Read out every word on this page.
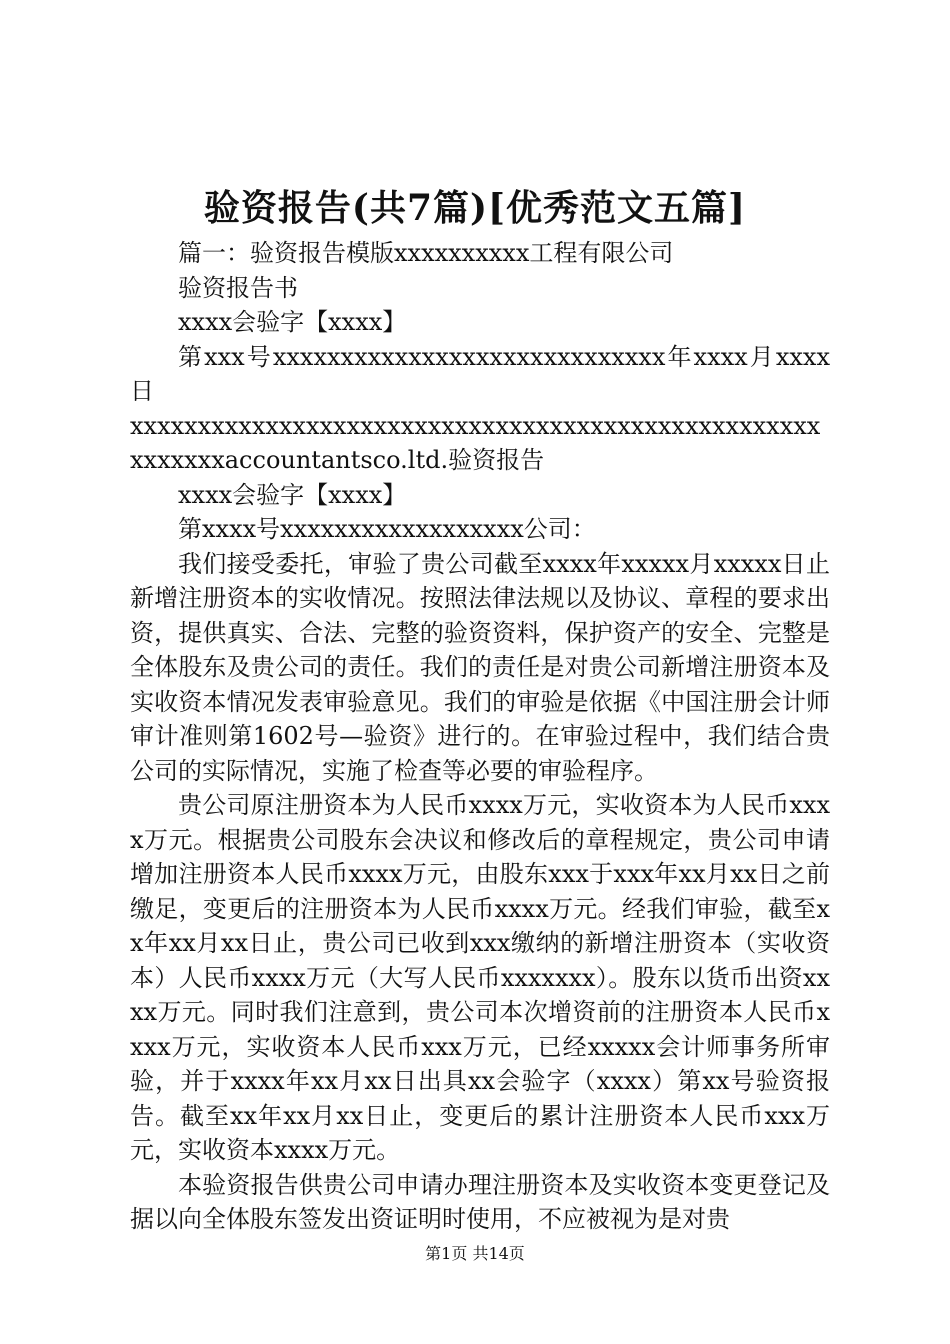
验资报告(共7篇)[优秀范文五篇]

篇一：验资报告模版xxxxxxxxxx工程有限公司

验资报告书

xxxx会验字【xxxx】

第xxx号xxxxxxxxxxxxxxxxxxxxxxxxxxxxx年xxxx月xxxx日

xxxxxxxxxxxxxxxxxxxxxxxxxxxxxxxxxxxxxxxxxxxxxxxxxxxxxxxxxxaccountantsco.ltd.验资报告

xxxx会验字【xxxx】

第xxxx号xxxxxxxxxxxxxxxxxx公司：

我们接受委托，审验了贵公司截至xxxx年xxxxx月xxxxx日止新增注册资本的实收情况。按照法律法规以及协议、章程的要求出资，提供真实、合法、完整的验资资料，保护资产的安全、完整是全体股东及贵公司的责任。我们的责任是对贵公司新增注册资本及实收资本情况发表审验意见。我们的审验是依据《中国注册会计师审计准则第1602号—验资》进行的。在审验过程中，我们结合贵公司的实际情况，实施了检查等必要的审验程序。

贵公司原注册资本为人民币xxxx万元，实收资本为人民币xxxx万元。根据贵公司股东会决议和修改后的章程规定，贵公司申请增加注册资本人民币xxxx万元，由股东xxx于xxx年xx月xx日之前缴足，变更后的注册资本为人民币xxxx万元。经我们审验，截至xx年xx月xx日止，贵公司已收到xxx缴纳的新增注册资本（实收资本）人民币xxxx万元（大写人民币xxxxxxx）。股东以货币出资xxxx万元。同时我们注意到，贵公司本次增资前的注册资本人民币xxxx万元，实收资本人民币xxx万元，已经xxxxx会计师事务所审验，并于xxxx年xx月xx日出具xx会验字（xxxx）第xx号验资报告。截至xx年xx月xx日止，变更后的累计注册资本人民币xxx万元，实收资本xxxx万元。

本验资报告供贵公司申请办理注册资本及实收资本变更登记及据以向全体股东签发出资证明时使用，不应被视为是对贵

第1页 共14页
